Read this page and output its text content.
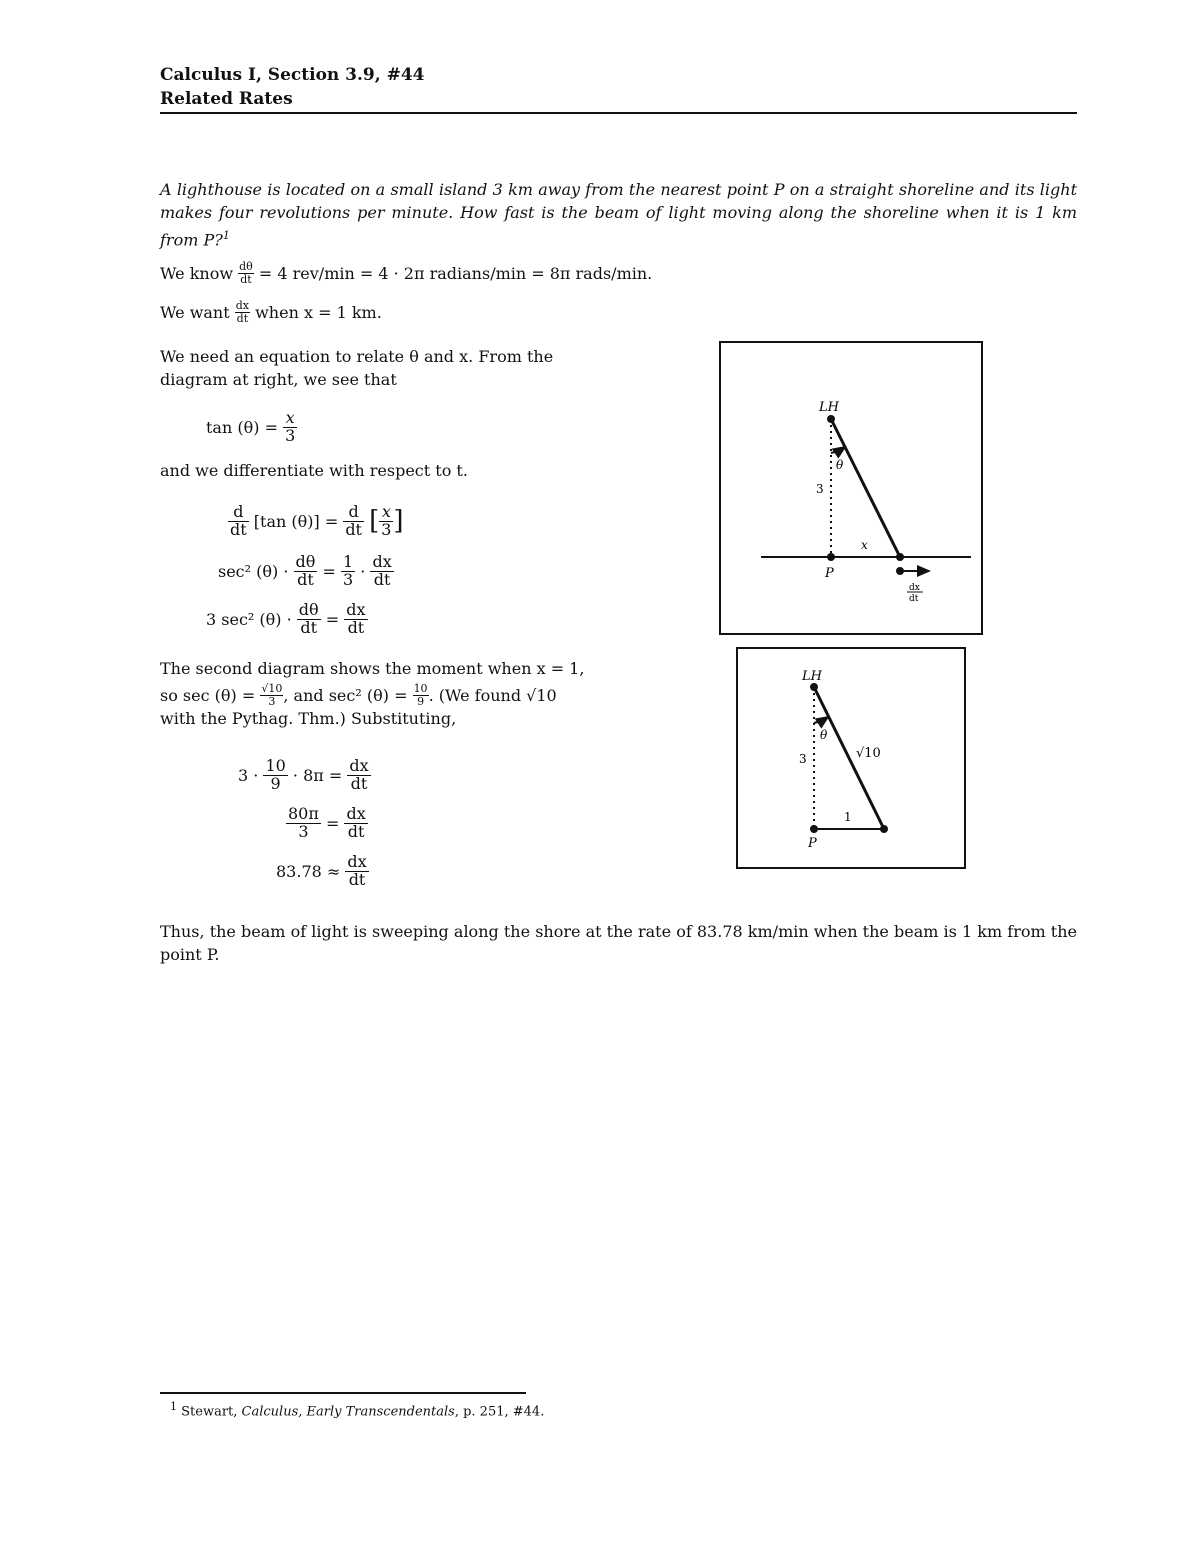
Calculus I, Section 3.9, #44
Related Rates
A lighthouse is located on a small island 3 km away from the nearest point P on a straight shoreline and its light makes four revolutions per minute. How fast is the beam of light moving along the shoreline when it is 1 km from P?$^1$
We know
$\frac{d\theta}{dt}$
= 4 rev/min = 4 · 2π radians/min = 8π rads/min.
We want
$\frac{dx}{dt}$
when x = 1 km.
We need an equation to relate θ and x. From the diagram at right, we see that
tan (θ) =
$\frac{x}{3}$
and we differentiate with respect to t.
$\frac{d}{dt}$
[tan (θ)] =
$\frac{d}{dt}$
[ $\frac{x}{3}$ ]
sec² (θ) ·
$\frac{d\theta}{dt}$
=
$\frac{1}{3}$
·
$\frac{dx}{dt}$
3 sec² (θ) ·
$\frac{d\theta}{dt}$
=
$\frac{dx}{dt}$
The second diagram shows the moment when x = 1,
so sec (θ) =
$\frac{√10}{3}$ , and sec² (θ) =
$\frac{10}{9}$ . (We found √10
with the Pythag. Thm.) Substituting,
3 ·
$\frac{10}{9}$
· 8π =
$\frac{dx}{dt}$
$\frac{80\pi}{3}$
=
$\frac{dx}{dt}$
83.78 ≈
$\frac{dx}{dt}$
Thus, the beam of light is sweeping along the shore at the rate of 83.78 km/min when the beam is 1 km from the point P.
LH
θ
3
x
P
dx
dt
LH
θ
3	√10
1
P
$^1$ Stewart, Calculus, Early Transcendentals, p. 251, #44.
